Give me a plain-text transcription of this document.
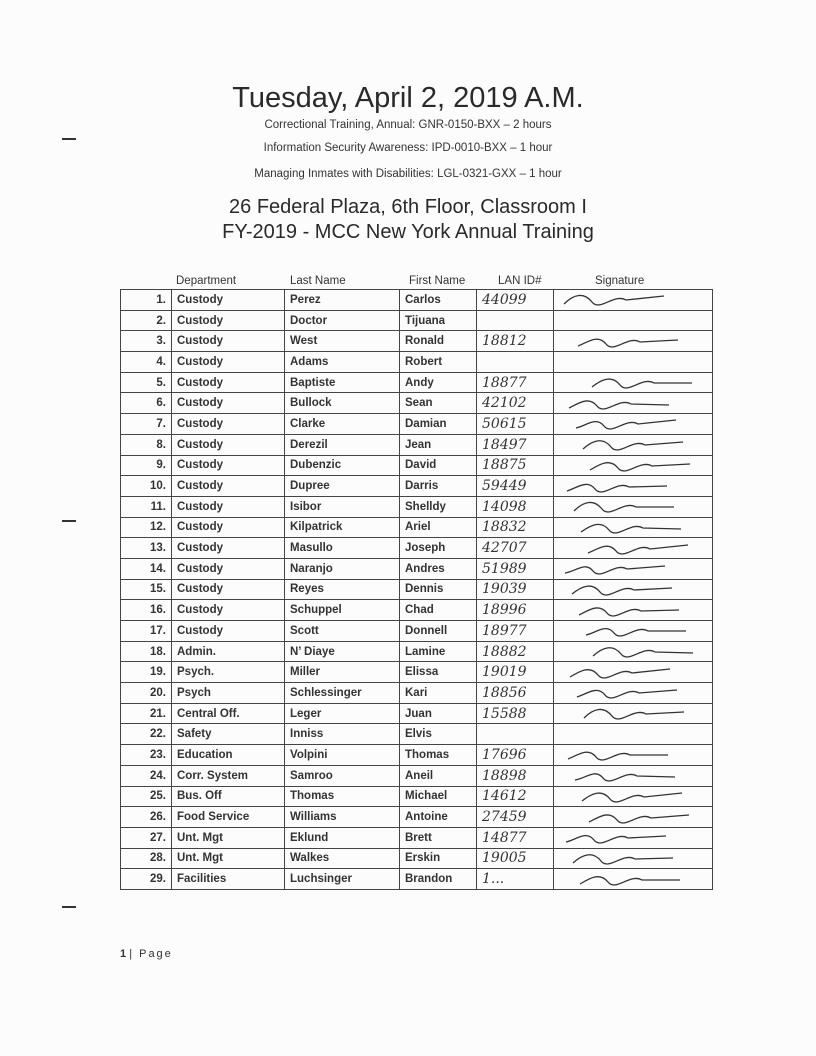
Tuesday, April 2, 2019 A.M.
Correctional Training, Annual: GNR-0150-BXX – 2 hours
Information Security Awareness: IPD-0010-BXX – 1 hour
Managing Inmates with Disabilities: LGL-0321-GXX – 1 hour
26 Federal Plaza, 6th Floor, Classroom I
FY-2019 - MCC New York Annual Training
Department	Last Name	First Name	LAN ID#	Signature
1.	Custody	Perez	Carlos	44099	

2.	Custody	Doctor	Tijuana		
3.	Custody	West	Ronald	18812	

4.	Custody	Adams	Robert		
5.	Custody	Baptiste	Andy	18877	

6.	Custody	Bullock	Sean	42102	

7.	Custody	Clarke	Damian	50615	

8.	Custody	Derezil	Jean	18497	

9.	Custody	Dubenzic	David	18875	

10.	Custody	Dupree	Darris	59449	

11.	Custody	Isibor	Shelldy	14098	

12.	Custody	Kilpatrick	Ariel	18832	

13.	Custody	Masullo	Joseph	42707	

14.	Custody	Naranjo	Andres	51989	

15.	Custody	Reyes	Dennis	19039	

16.	Custody	Schuppel	Chad	18996	

17.	Custody	Scott	Donnell	18977	

18.	Admin.	N’ Diaye	Lamine	18882	

19.	Psych.	Miller	Elissa	19019	

20.	Psych	Schlessinger	Kari	18856	

21.	Central Off.	Leger	Juan	15588	

22.	Safety	Inniss	Elvis		
23.	Education	Volpini	Thomas	17696	

24.	Corr. System	Samroo	Aneil	18898	

25.	Bus. Off	Thomas	Michael	14612	

26.	Food Service	Williams	Antoine	27459	

27.	Unt. Mgt	Eklund	Brett	14877	

28.	Unt. Mgt	Walkes	Erskin	19005	

29.	Facilities	Luchsinger	Brandon	1...	
1 | Page
